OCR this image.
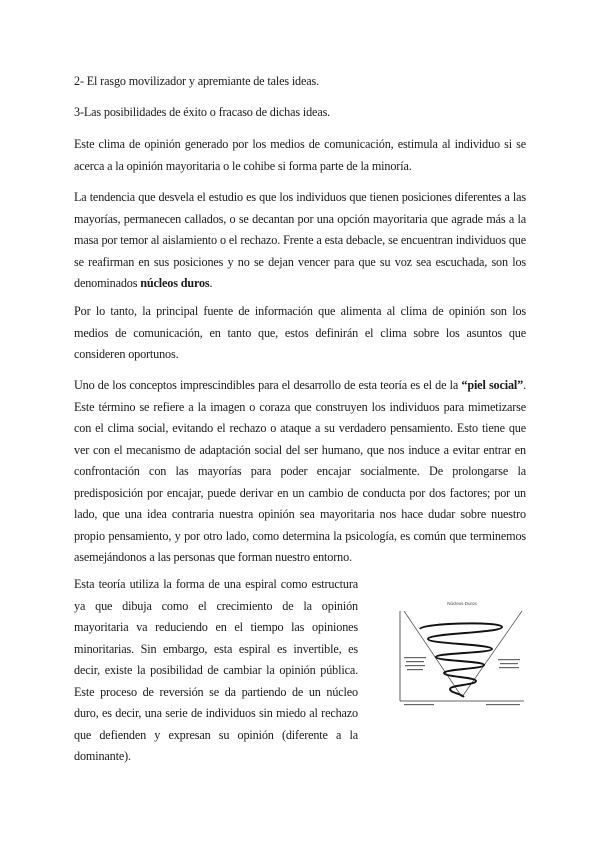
2- El rasgo movilizador y apremiante de tales ideas.

3-Las posibilidades de éxito o fracaso de dichas ideas.

Este clima de opinión generado por los medios de comunicación, estimula al individuo si se acerca a la opinión mayoritaria o le cohibe si forma parte de la minoría.

La tendencia que desvela el estudio es que los individuos que tienen posiciones diferentes a las mayorías, permanecen callados, o se decantan por una opción mayoritaria que agrade más a la masa por temor al aislamiento o el rechazo. Frente a esta debacle, se encuentran individuos que se reafirman en sus posiciones y no se dejan vencer para que su voz sea escuchada, son los denominados núcleos duros.

Por lo tanto, la principal fuente de información que alimenta al clima de opinión son los medios de comunicación, en tanto que, estos definirán el clima sobre los asuntos que consideren oportunos.

Uno de los conceptos imprescindibles para el desarrollo de esta teoría es el de la “piel social”. Este término se refiere a la imagen o coraza que construyen los individuos para mimetizarse con el clima social, evitando el rechazo o ataque a su verdadero pensamiento. Esto tiene que ver con el mecanismo de adaptación social del ser humano, que nos induce a evitar entrar en confrontación con las mayorías para poder encajar socialmente. De prolongarse la predisposición por encajar, puede derivar en un cambio de conducta por dos factores; por un lado, que una idea contraria nuestra opinión sea mayoritaria nos hace dudar sobre nuestro propio pensamiento, y por otro lado, como determina la psicología, es común que terminemos asemejándonos a las personas que forman nuestro entorno.

Esta teoría utiliza la forma de una espiral como estructura ya que dibuja como el crecimiento de la opinión mayoritaria va reduciendo en el tiempo las opiniones minoritarias. Sin embargo, esta espiral es invertible, es decir, existe la posibilidad de cambiar la opinión pública. Este proceso de reversión se da partiendo de un núcleo duro, es decir, una serie de individuos sin miedo al rechazo que defienden y expresan su opinión (diferente a la dominante).

Núcleos Duros
